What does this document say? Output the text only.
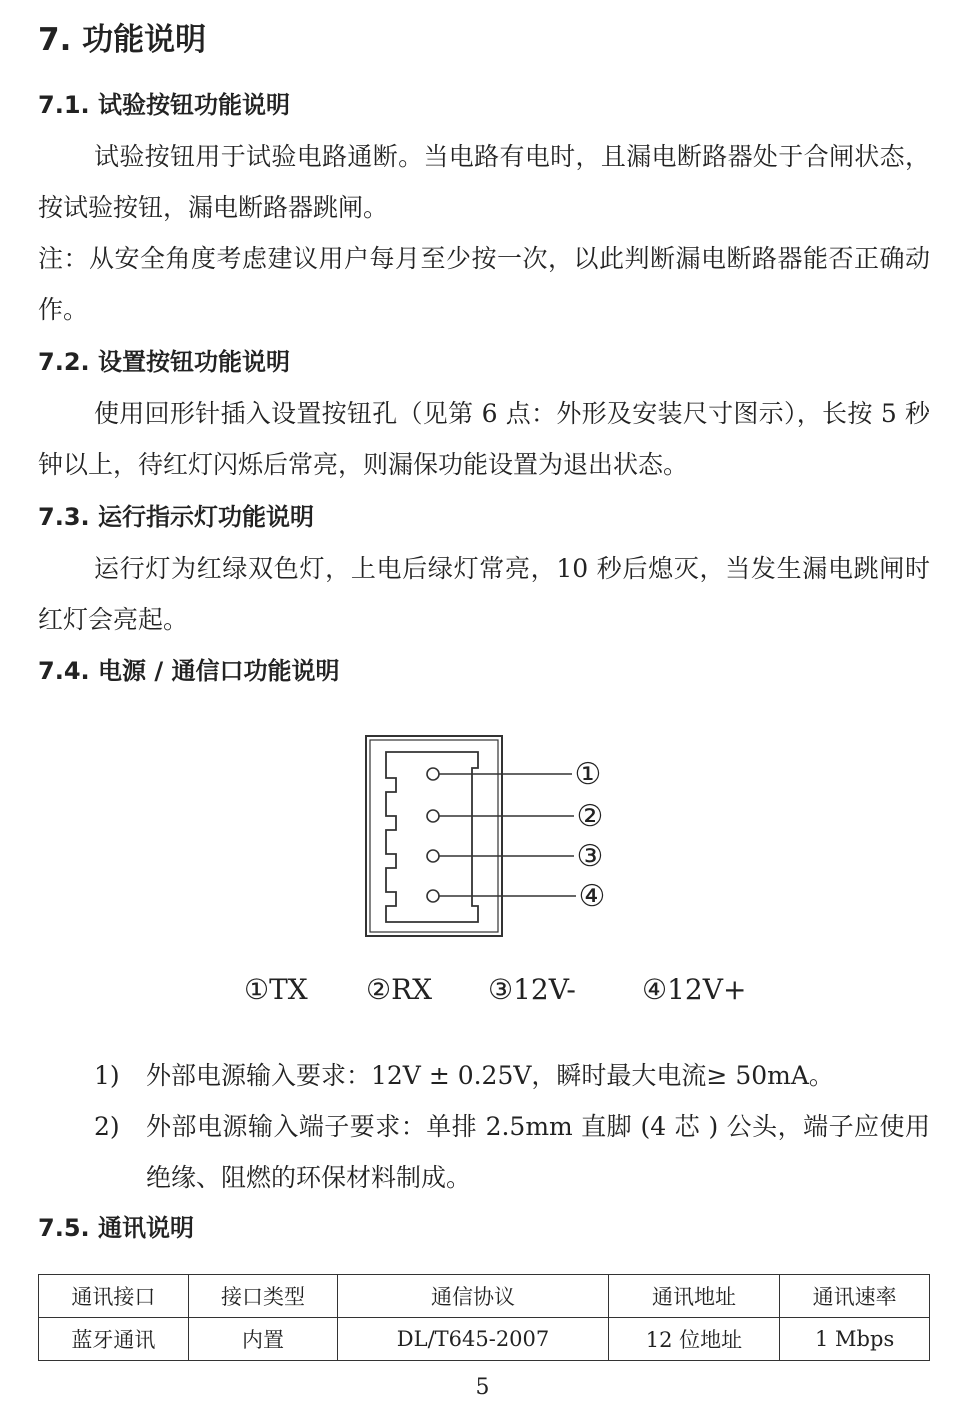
7. 功能说明
7.1. 试验按钮功能说明

试验按钮用于试验电路通断。当电路有电时，且漏电断路器处于合闸状态，按试验按钮，漏电断路器跳闸。

注：从安全角度考虑建议用户每月至少按一次，以此判断漏电断路器能否正确动作。

7.2. 设置按钮功能说明

使用回形针插入设置按钮孔（见第 6 点：外形及安装尺寸图示），长按 5 秒钟以上，待红灯闪烁后常亮，则漏保功能设置为退出状态。

7.3. 运行指示灯功能说明

运行灯为红绿双色灯，上电后绿灯常亮，10 秒后熄灭，当发生漏电跳闸时红灯会亮起。

7.4. 电源 / 通信口功能说明
①
②
③
④
①TX ②RX ③12V- ④12V+
1)	外部电源输入要求：12V ± 0.25V，瞬时最大电流≥ 50mA。
2)	外部电源输入端子要求：单排 2.5mm 直脚 (4 芯 ) 公头，端子应使用绝缘、阻燃的环保材料制成。
7.5. 通讯说明
通讯接口	接口类型	通信协议	通讯地址	通讯速率
蓝牙通讯	内置	DL/T645-2007	12 位地址	1 Mbps
5
